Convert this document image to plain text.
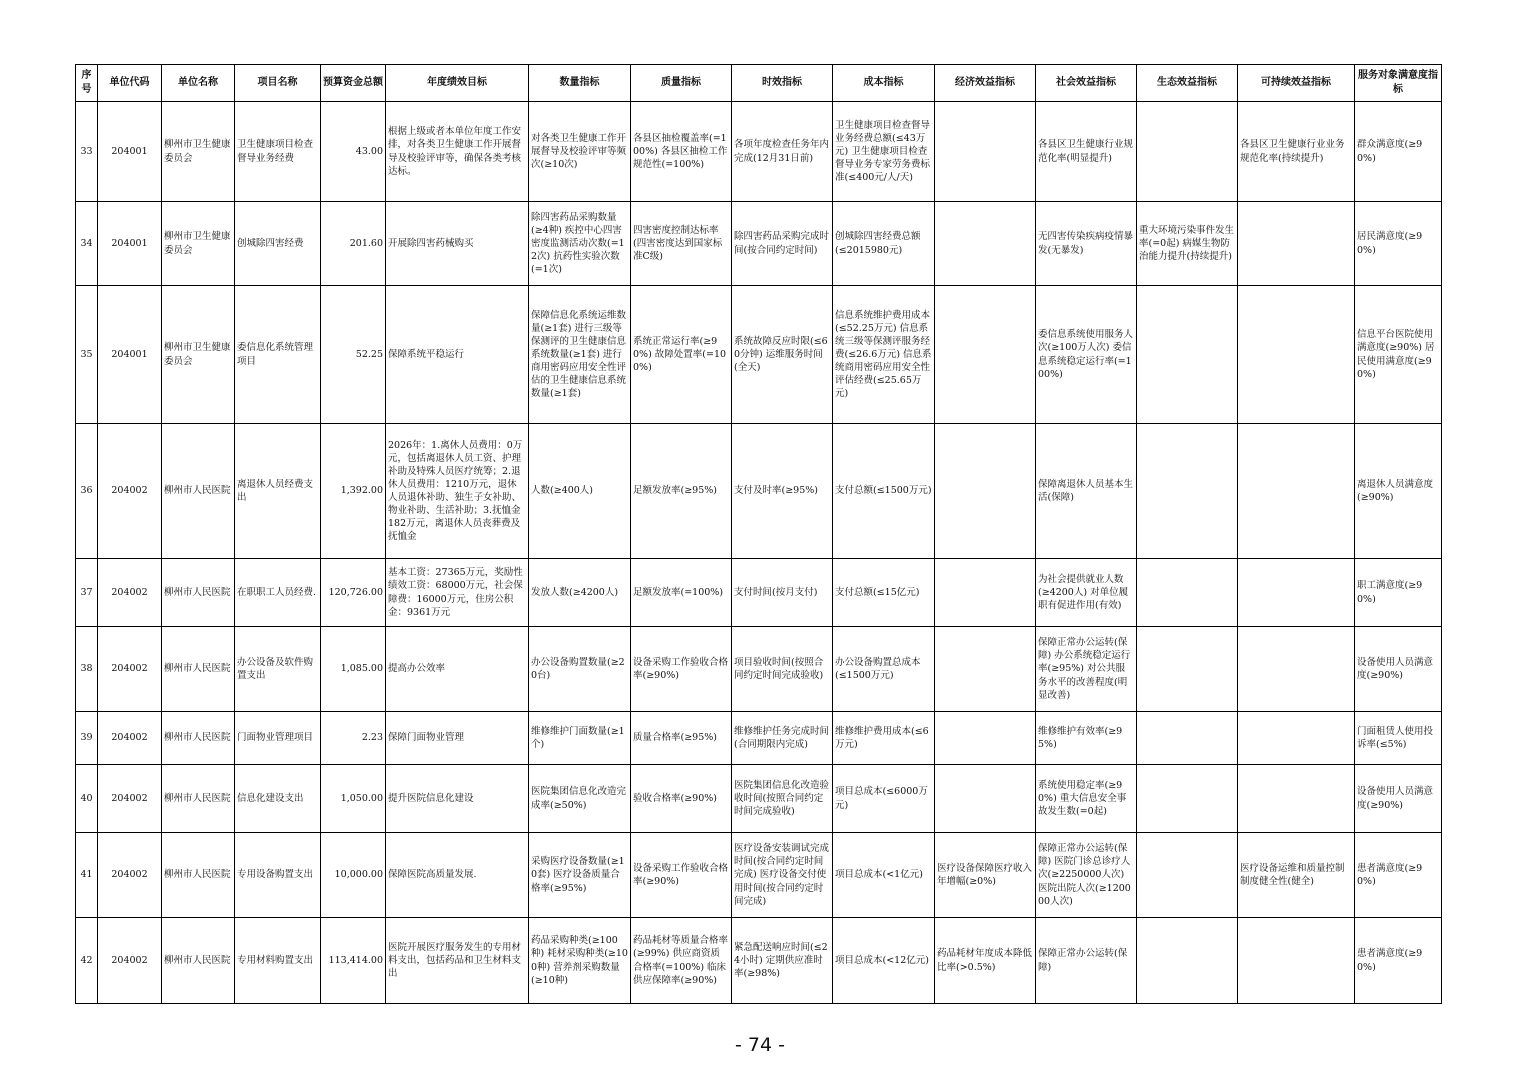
序号	单位代码	单位名称	项目名称	预算资金总额	年度绩效目标	数量指标	质量指标	时效指标	成本指标	经济效益指标	社会效益指标	生态效益指标	可持续效益指标	服务对象满意度指标
33	204001	柳州市卫生健康委员会	卫生健康项目检查督导业务经费	43.00	根据上级或者本单位年度工作安排，对各类卫生健康工作开展督导及校验评审等，确保各类考核达标。	对各类卫生健康工作开展督导及校验评审等频次(≥10次)	各县区抽检覆盖率(=100%) 各县区抽检工作规范性(=100%)	各项年度检查任务年内完成(12月31日前)	卫生健康项目检查督导业务经费总额(≤43万元) 卫生健康项目检查督导业务专家劳务费标准(≤400元/人/天)		各县区卫生健康行业规范化率(明显提升)		各县区卫生健康行业业务规范化率(持续提升)	群众满意度(≥90%)
34	204001	柳州市卫生健康委员会	创城除四害经费	201.60	开展除四害药械购买	除四害药品采购数量(≥4种) 疾控中心四害密度监测活动次数(=12次) 抗药性实验次数(=1次)	四害密度控制达标率(四害密度达到国家标准C级)	除四害药品采购完成时间(按合同约定时间)	创城除四害经费总额(≤2015980元)		无四害传染疾病疫情暴发(无暴发)	重大环境污染事件发生率(=0起) 病媒生物防治能力提升(持续提升)		居民满意度(≥90%)
35	204001	柳州市卫生健康委员会	委信息化系统管理项目	52.25	保障系统平稳运行	保障信息化系统运维数量(≥1套) 进行三级等保测评的卫生健康信息系统数量(≥1套) 进行商用密码应用安全性评估的卫生健康信息系统数量(≥1套)	系统正常运行率(≥90%) 故障处置率(=100%)	系统故障反应时限(≤60分钟) 运维服务时间(全天)	信息系统维护费用成本(≤52.25万元) 信息系统三级等保测评服务经费(≤26.6万元) 信息系统商用密码应用安全性评估经费(≤25.65万元)		委信息系统使用服务人次(≥100万人次) 委信息系统稳定运行率(=100%)			信息平台医院使用满意度(≥90%) 居民使用满意度(≥90%)
36	204002	柳州市人民医院	离退休人员经费支出	1,392.00	2026年：1.离休人员费用：0万元，包括离退休人员工资、护理补助及特殊人员医疗统筹；2.退休人员费用：1210万元，退休人员退休补助、独生子女补助、物业补助、生活补助；3.抚恤金182万元，离退休人员丧葬费及抚恤金	人数(≥400人)	足额发放率(≥95%)	支付及时率(≥95%)	支付总额(≤1500万元)		保障离退休人员基本生活(保障)			离退休人员满意度(≥90%)
37	204002	柳州市人民医院	在职职工人员经费.	120,726.00	基本工资：27365万元，奖励性绩效工资：68000万元，社会保障费：16000万元，住房公积金：9361万元	发放人数(≥4200人)	足额发放率(=100%)	支付时间(按月支付)	支付总额(≤15亿元)		为社会提供就业人数(≥4200人) 对单位履职有促进作用(有效)			职工满意度(≥90%)
38	204002	柳州市人民医院	办公设备及软件购置支出	1,085.00	提高办公效率	办公设备购置数量(≥20台)	设备采购工作验收合格率(≥90%)	项目验收时间(按照合同约定时间完成验收)	办公设备购置总成本(≤1500万元)		保障正常办公运转(保障) 办公系统稳定运行率(≥95%) 对公共服务水平的改善程度(明显改善)			设备使用人员满意度(≥90%)
39	204002	柳州市人民医院	门面物业管理项目	2.23	保障门面物业管理	维修维护门面数量(≥1个)	质量合格率(≥95%)	维修维护任务完成时间(合同期限内完成)	维修维护费用成本(≤6万元)		维修维护有效率(≥95%)			门面租赁人使用投诉率(≤5%)
40	204002	柳州市人民医院	信息化建设支出	1,050.00	提升医院信息化建设	医院集团信息化改造完成率(≥50%)	验收合格率(≥90%)	医院集团信息化改造验收时间(按照合同约定时间完成验收)	项目总成本(≤6000万元)		系统使用稳定率(≥90%) 重大信息安全事故发生数(=0起)			设备使用人员满意度(≥90%)
41	204002	柳州市人民医院	专用设备购置支出	10,000.00	保障医院高质量发展.	采购医疗设备数量(≥10套) 医疗设备质量合格率(≥95%)	设备采购工作验收合格率(≥90%)	医疗设备安装调试完成时间(按合同约定时间完成) 医疗设备交付使用时间(按合同约定时间完成)	项目总成本(<1亿元)	医疗设备保障医疗收入年增幅(≥0%)	保障正常办公运转(保障) 医院门诊总诊疗人次(≥2250000人次) 医院出院人次(≥120000人次)		医疗设备运维和质量控制制度健全性(健全)	患者满意度(≥90%)
42	204002	柳州市人民医院	专用材料购置支出	113,414.00	医院开展医疗服务发生的专用材料支出，包括药品和卫生材料支出	药品采购种类(≥100种) 耗材采购种类(≥100种) 营养剂采购数量(≥10种)	药品耗材等质量合格率(≥99%) 供应商资质合格率(=100%) 临床供应保障率(≥90%)	紧急配送响应时间(≤24小时) 定期供应准时率(≥98%)	项目总成本(<12亿元)	药品耗材年度成本降低比率(>0.5%)	保障正常办公运转(保障)			患者满意度(≥90%)
- 74 -
